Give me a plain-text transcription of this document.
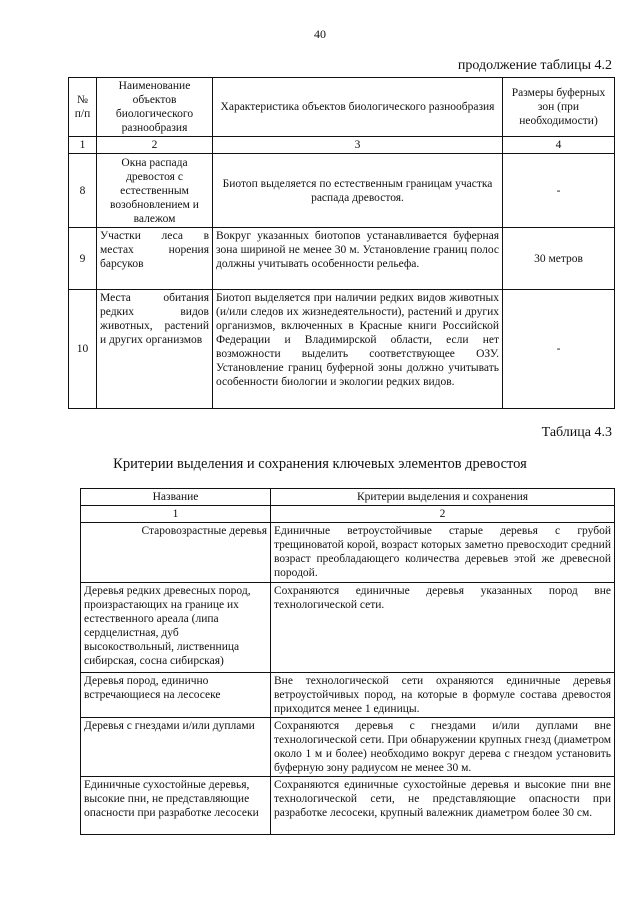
40
продолжение таблицы 4.2
№ п/п	Наименование объектов биологического разнообразия	Характеристика объектов биологического разнообразия	Размеры буферных зон (при необходимости)
1	2	3	4
8	Окна распада древостоя с естественным возобновлением и валежом	Биотоп выделяется по естественным границам участка распада древостоя.	-
9	Участки леса в местах норения барсуков	Вокруг указанных биотопов устанавливается буферная зона шириной не менее 30 м. Установление границ полос должны учитывать особенности рельефа.	30 метров
10	Места обитания редких видов животных, растений и других организмов	Биотоп выделяется при наличии редких видов животных (и/или следов их жизнедеятельности), растений и других организмов, включенных в Красные книги Российской Федерации и Владимирской области, если нет возможности выделить соответствующее ОЗУ. Установление границ буферной зоны должно учитывать особенности биологии и экологии редких видов.	-
Таблица 4.3
Критерии выделения и сохранения ключевых элементов древостоя
Название	Критерии выделения и сохранения
1	2
Старовозрастные деревья	Единичные ветроустойчивые старые деревья с грубой трещиноватой корой, возраст которых заметно превосходит средний возраст преобладающего количества деревьев этой же древесной породой.
Деревья редких древесных пород, произрастающих на границе их естественного ареала (липа сердцелистная, дуб высокоствольный, лиственница сибирская, сосна сибирская)	Сохраняются единичные деревья указанных пород вне технологической сети.
Деревья пород, единично встречающиеся на лесосеке	Вне технологической сети охраняются единичные деревья ветроустойчивых пород, на которые в формуле состава древостоя приходится менее 1 единицы.
Деревья с гнездами и/или дуплами	Сохраняются деревья с гнездами и/или дуплами вне технологической сети. При обнаружении крупных гнезд (диаметром около 1 м и более) необходимо вокруг дерева с гнездом установить буферную зону радиусом не менее 30 м.
Единичные сухостойные деревья, высокие пни, не представляющие опасности при разработке лесосеки	Сохраняются единичные сухостойные деревья и высокие пни вне технологической сети, не представляющие опасности при разработке лесосеки, крупный валежник диаметром более 30 см.
